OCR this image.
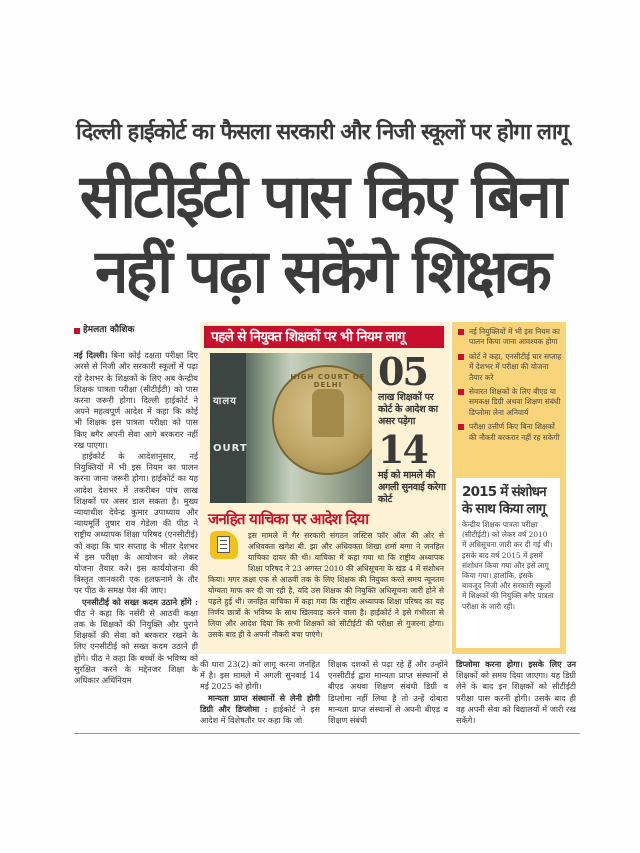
दिल्ली हाईकोर्ट का फैसला सरकारी और निजी स्कूलों पर होगा लागू
सीटीईटी पास किए बिना
नहीं पढ़ा सकेंगे शिक्षक
हेमलता कौशिक

नई दिल्ली। बिना कोई दक्षता परीक्षा दिए अरसे से निजी और सरकारी स्कूलों में पढ़ा रहे देशभर के शिक्षकों के लिए अब केन्द्रीय शिक्षक पात्रता परीक्षा (सीटीईटी) को पास करना जरूरी होगा। दिल्ली हाईकोर्ट ने अपने महत्वपूर्ण आदेश में कहा कि कोई भी शिक्षक इस पात्रता परीक्षा को पास किए बगैर अपनी सेवा आगे बरकरार नहीं रख पाएगा।

हाईकोर्ट के आदेशानुसार, नई नियुक्तियों में भी इस नियम का पालन करना जाना जरूरी होगा। हाईकोर्ट का यह आदेश देशभर में तकरीबन पांच लाख शिक्षकों पर असर डाल सकता है। मुख्य न्यायाधीश देवेन्द्र कुमार उपाध्याय और न्यायमूर्ति तुषार राव गेडेला की पीठ ने राष्ट्रीय अध्यापक शिक्षा परिषद (एनसीटीई) को कहा कि चार सप्ताह के भीतर देशभर में इस परीक्षा के आयोजन को लेकर योजना तैयार करे। इस कार्ययोजना की विस्तृत जानकारी एक हलफनामे के तौर पर पीठ के समक्ष पेश की जाए।

एनसीटीई को सख्त कदम उठाने होंगे : पीठ ने कहा कि नर्सरी से आठवीं कक्षा तक के शिक्षकों की नियुक्ति और पुराने शिक्षकों की सेवा को बरकरार रखने के लिए एनसीटीई को सख्त कदम उठाने ही होंगे। पीठ ने कहा कि बच्चों के भविष्य को सुरक्षित करने के मद्देनजर शिक्षा के अधिकार अधिनियम

पहले से नियुक्त शिक्षकों पर भी नियम लागू
यालय
OURT
HIGH COURT OF DELHI 05
लाख शिक्षकों पर कोर्ट के आदेश का असर पड़ेगा
14
मई को मामले की अगली सुनवाई करेगा कोर्ट
जनहित याचिका पर आदेश दिया
इस मामले में गैर सरकारी संगठन जस्टिस फॉर ऑल की ओर से अधिवक्ता खगेश बी. झा और अधिवक्ता शिखा शर्मा बग्गा ने जनहित याचिका दायर की थी। याचिका में कहा गया था कि राष्ट्रीय अध्यापक शिक्षा परिषद ने 23 अगस्त 2010 की अधिसूचना के खंड 4 में संशोधन किया। मगर कक्षा एक से आठवीं तक के लिए शिक्षक की नियुक्त करते समय न्यूनतम योग्यता माफ कर दी जा रही है, यदि उस शिक्षक की नियुक्ति अधिसूचना जारी होने से पहले हुई थी। जनहित याचिका में कहा गया कि राष्ट्रीय अध्यापक शिक्षा परिषद का यह निर्णय छात्रों के भविष्य के साथ खिलवाड़ करने वाला है। हाईकोर्ट ने इसे गंभीरता से लिया और आदेश दिया कि सभी शिक्षकों को सीटीईटी की परीक्षा से गुजरना होगा। उसके बाद ही वे अपनी नौकरी बचा पाएंगे।
नई नियुक्तियों में भी इस नियम का पालन किया जाना आवश्यक होगा
कोर्ट ने कहा, एनसीटीई चार सप्ताह में देशभर में परीक्षा की योजना तैयार करे
सेवारत शिक्षकों के लिए बीएड या समकक्ष डिग्री अथवा शिक्षण संबंधी डिप्लोमा लेना अनिवार्य
परीक्षा उत्तीर्ण किए बिना शिक्षकों की नौकरी बरकरार नहीं रह सकेगी
2015 में संशोधन के साथ किया लागू
केन्द्रीय शिक्षक पात्रता परीक्षा (सीटीईटी) को लेकर वर्ष 2010 में अधिसूचना जारी कर दी गई थी। इसके बाद वर्ष 2015 में इसमें संशोधन किया गया और इसे लागू किया गया। हालांकि, इसके बावजूद निजी और सरकारी स्कूलों में शिक्षकों की नियुक्ति बगैर पात्रता परीक्षा के जारी रही।

की धारा 23(2) को लागू करना जनहित में है। इस मामले में अगली सुनवाई 14 मई 2025 को होगी।

मान्यता प्राप्त संस्थानों से लेनी होगी डिग्री और डिप्लोमा : हाईकोर्ट ने इस आदेश में विशेषतौर पर कहा कि जो

शिक्षक दशकों से पढ़ा रहे हैं और उन्होंने एनसीटीई द्वारा मान्यता प्राप्त संस्थानों से बीएड अथवा शिक्षण संबंधी डिग्री व डिप्लोमा नहीं लिया है तो उन्हें दोबारा मान्यता प्राप्त संस्थानों से अपनी बीएड व शिक्षण संबंधी

डिप्लोमा करना होगा। इसके लिए उन शिक्षकों को समय दिया जाएगा। यह डिग्री लेने के बाद इन शिक्षकों को सीटीईटी परीक्षा पास करनी होगी। उसके बाद ही वह अपनी सेवा को विद्यालयों में जारी रख सकेंगे।
